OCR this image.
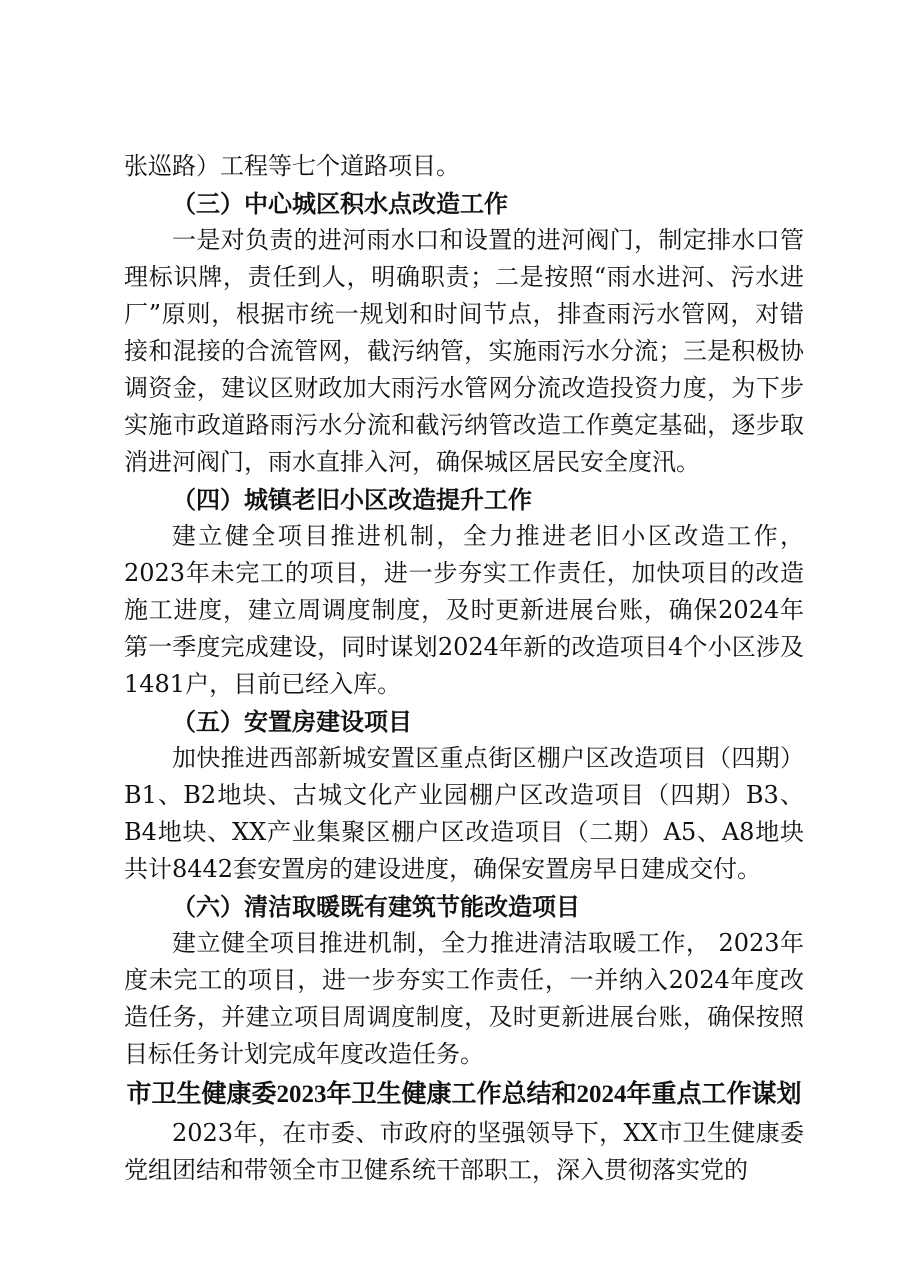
张巡路）工程等七个道路项目。

（三）中心城区积水点改造工作

一是对负责的进河雨水口和设置的进河阀门，制定排水口管理标识牌，责任到人，明确职责；二是按照“雨水进河、污水进厂”原则，根据市统一规划和时间节点，排查雨污水管网，对错接和混接的合流管网，截污纳管，实施雨污水分流；三是积极协调资金，建议区财政加大雨污水管网分流改造投资力度，为下步实施市政道路雨污水分流和截污纳管改造工作奠定基础，逐步取消进河阀门，雨水直排入河，确保城区居民安全度汛。

（四）城镇老旧小区改造提升工作

建立健全项目推进机制，全力推进老旧小区改造工作，2023年未完工的项目，进一步夯实工作责任，加快项目的改造施工进度，建立周调度制度，及时更新进展台账，确保2024年第一季度完成建设，同时谋划2024年新的改造项目4个小区涉及1481户，目前已经入库。

（五）安置房建设项目

加快推进西部新城安置区重点街区棚户区改造项目（四期）B1、B2地块、古城文化产业园棚户区改造项目（四期）B3、B4地块、XX产业集聚区棚户区改造项目（二期）A5、A8地块共计8442套安置房的建设进度，确保安置房早日建成交付。

（六）清洁取暖既有建筑节能改造项目

建立健全项目推进机制，全力推进清洁取暖工作， 2023年度未完工的项目，进一步夯实工作责任，一并纳入2024年度改造任务，并建立项目周调度制度，及时更新进展台账，确保按照目标任务计划完成年度改造任务。

市卫生健康委2023年卫生健康工作总结和2024年重点工作谋划

2023年，在市委、市政府的坚强领导下，XX市卫生健康委党组团结和带领全市卫健系统干部职工，深入贯彻落实党的
